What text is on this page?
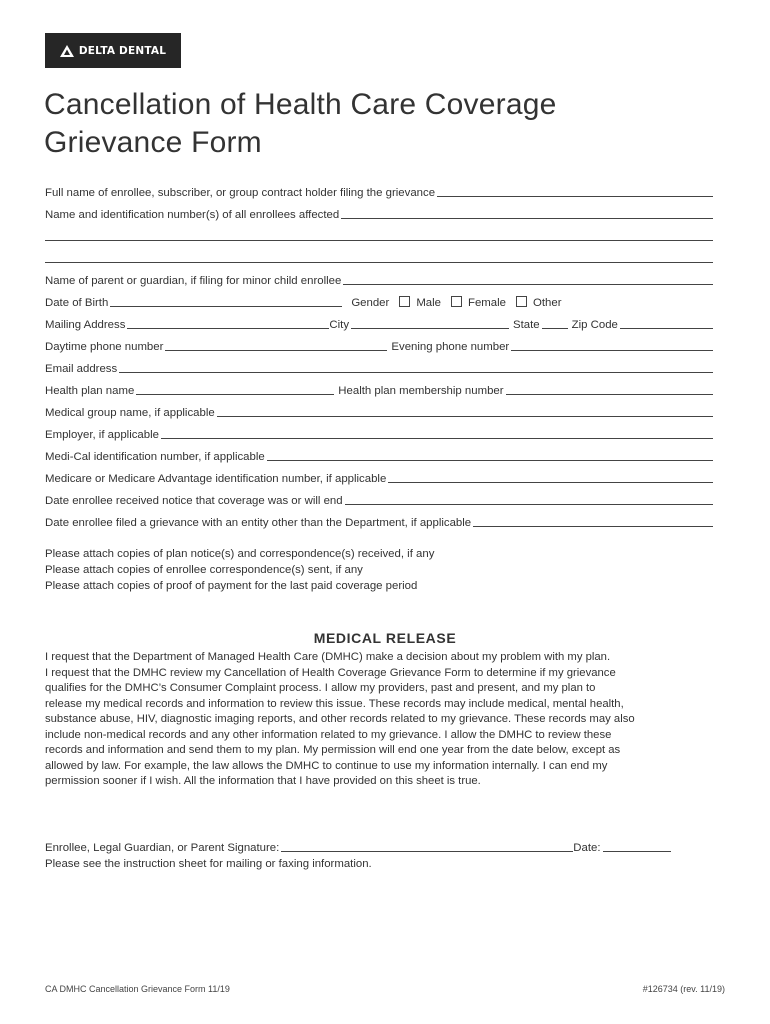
DELTA DENTAL
Cancellation of Health Care Coverage
Grievance Form
Full name of enrollee, subscriber, or group contract holder filing the grievance
Name and identification number(s) of all enrollees affected
Name of parent or guardian, if filing for minor child enrollee
Date of Birth	Gender Male Female Other
Mailing Address	City	State	Zip Code
Daytime phone number	Evening phone number
Email address
Health plan name	Health plan membership number
Medical group name, if applicable
Employer, if applicable
Medi-Cal identification number, if applicable
Medicare or Medicare Advantage identification number, if applicable
Date enrollee received notice that coverage was or will end
Date enrollee filed a grievance with an entity other than the Department, if applicable
Please attach copies of plan notice(s) and correspondence(s) received, if any
Please attach copies of enrollee correspondence(s) sent, if any
Please attach copies of proof of payment for the last paid coverage period
MEDICAL RELEASE

I request that the Department of Managed Health Care (DMHC) make a decision about my problem with my plan.
I request that the DMHC review my Cancellation of Health Coverage Grievance Form to determine if my grievance
qualifies for the DMHC’s Consumer Complaint process. I allow my providers, past and present, and my plan to
release my medical records and information to review this issue. These records may include medical, mental health,
substance abuse, HIV, diagnostic imaging reports, and other records related to my grievance. These records may also
include non-medical records and any other information related to my grievance. I allow the DMHC to review these
records and information and send them to my plan. My permission will end one year from the date below, except as
allowed by law. For example, the law allows the DMHC to continue to use my information internally. I can end my
permission sooner if I wish. All the information that I have provided on this sheet is true.

Enrollee, Legal Guardian, or Parent Signature:	Date:
Please see the instruction sheet for mailing or faxing information.
CA DMHC Cancellation Grievance Form 11/19	#126734 (rev. 11/19)
